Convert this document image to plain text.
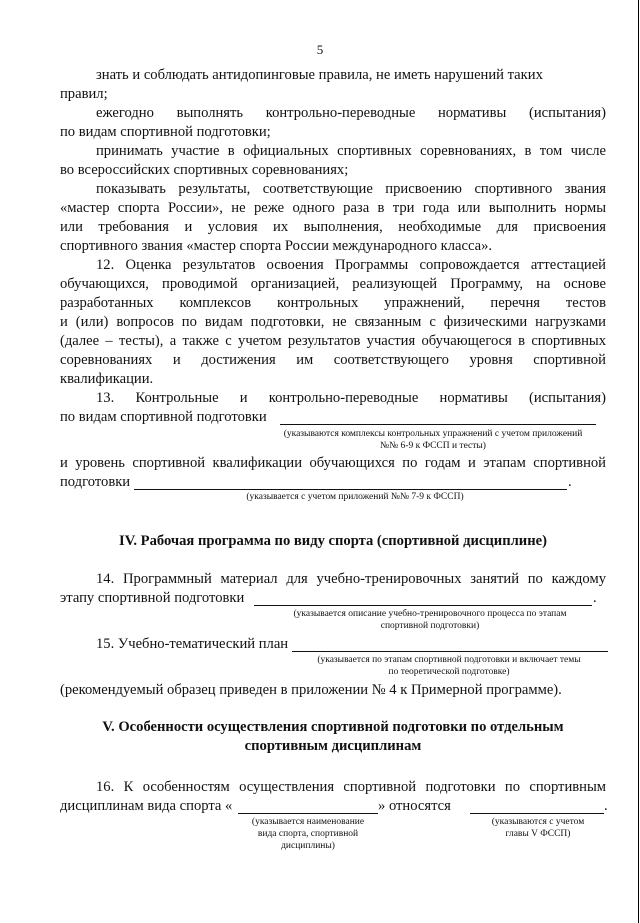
5
знать и соблюдать антидопинговые правила, не иметь нарушений таких
правил;
ежегодно выполнять контрольно-переводные нормативы (испытания)
по видам спортивной подготовки;
принимать участие в официальных спортивных соревнованиях, в том числе
во всероссийских спортивных соревнованиях;
показывать результаты, соответствующие присвоению спортивного звания
«мастер спорта России», не реже одного раза в три года или выполнить нормы
или требования и условия их выполнения, необходимые для присвоения
спортивного звания «мастер спорта России международного класса».
12. Оценка результатов освоения Программы сопровождается аттестацией
обучающихся, проводимой организацией, реализующей Программу, на основе
разработанных комплексов контрольных упражнений, перечня тестов
и (или) вопросов по видам подготовки, не связанным с физическими нагрузками
(далее – тесты), а также с учетом результатов участия обучающегося в спортивных
соревнованиях и достижения им соответствующего уровня спортивной
квалификации.
13. Контрольные и контрольно-переводные нормативы (испытания)
по видам спортивной подготовки
(указываются комплексы контрольных упражнений с учетом приложений
№№ 6-9 к ФССП и тесты)
и уровень спортивной квалификации обучающихся по годам и этапам спортивной
подготовки	.
(указывается с учетом приложений №№ 7-9 к ФССП)
IV. Рабочая программа по виду спорта (спортивной дисциплине)
14. Программный материал для учебно-тренировочных занятий по каждому
этапу спортивной подготовки	.
(указывается описание учебно-тренировочного процесса по этапам
спортивной подготовки)
15. Учебно-тематический план
(указывается по этапам спортивной подготовки и включает темы
по теоретической подготовке)
(рекомендуемый образец приведен в приложении № 4 к Примерной программе).
V. Особенности осуществления спортивной подготовки по отдельным
спортивным дисциплинам
16. К особенностям осуществления спортивной подготовки по спортивным
дисциплинам вида спорта «	» относятся	.
(указывается наименование
вида спорта, спортивной
дисциплины)
(указываются с учетом
главы V ФССП)
